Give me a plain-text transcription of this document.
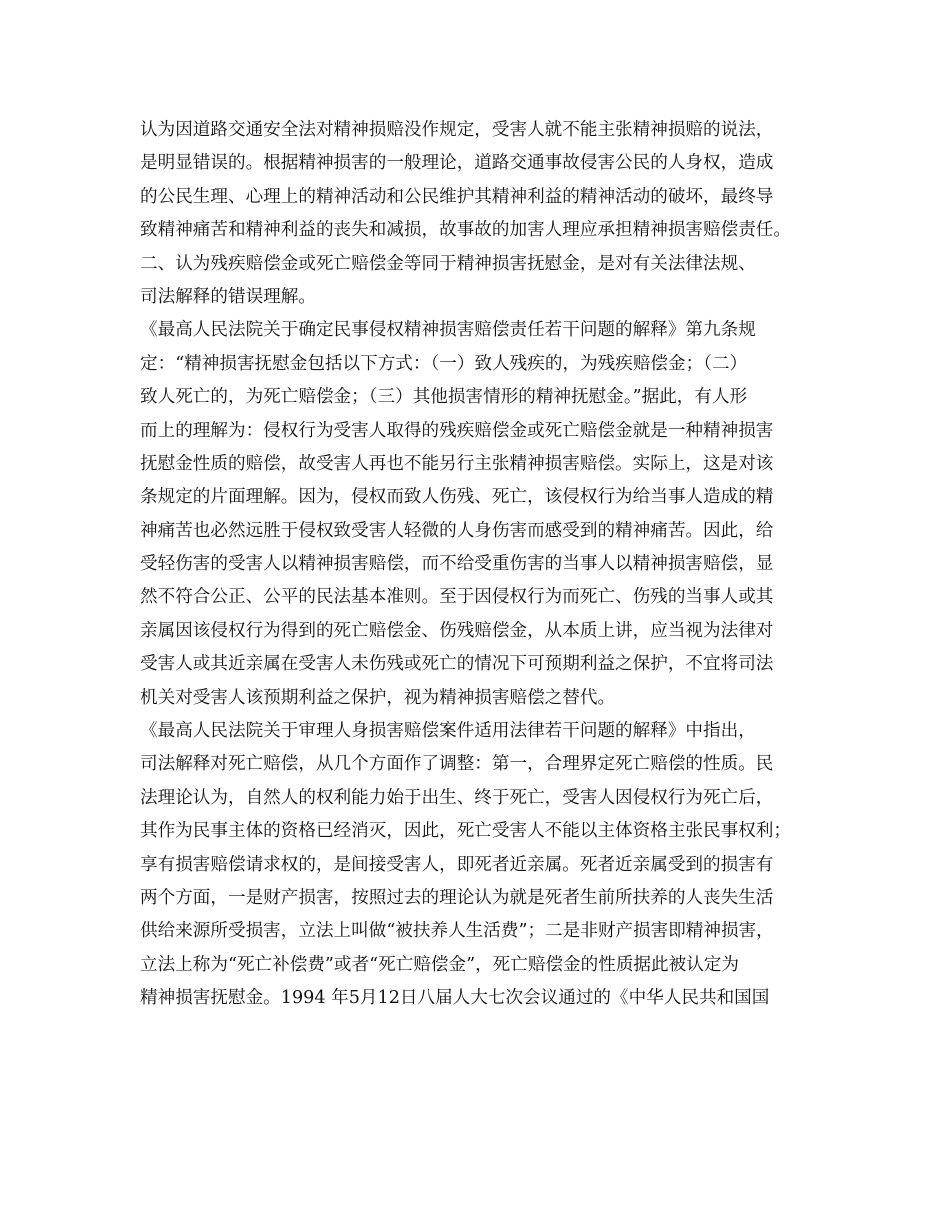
认为因道路交通安全法对精神损赔没作规定，受害人就不能主张精神损赔的说法，
是明显错误的。根据精神损害的一般理论，道路交通事故侵害公民的人身权，造成
的公民生理、心理上的精神活动和公民维护其精神利益的精神活动的破坏，最终导
致精神痛苦和精神利益的丧失和减损，故事故的加害人理应承担精神损害赔偿责任。
二、认为残疾赔偿金或死亡赔偿金等同于精神损害抚慰金，是对有关法律法规、
司法解释的错误理解。
《最高人民法院关于确定民事侵权精神损害赔偿责任若干问题的解释》第九条规
定：“精神损害抚慰金包括以下方式：（一）致人残疾的，为残疾赔偿金；（二）
致人死亡的，为死亡赔偿金；（三）其他损害情形的精神抚慰金。”据此，有人形
而上的理解为：侵权行为受害人取得的残疾赔偿金或死亡赔偿金就是一种精神损害
抚慰金性质的赔偿，故受害人再也不能另行主张精神损害赔偿。实际上，这是对该
条规定的片面理解。因为，侵权而致人伤残、死亡，该侵权行为给当事人造成的精
神痛苦也必然远胜于侵权致受害人轻微的人身伤害而感受到的精神痛苦。因此，给
受轻伤害的受害人以精神损害赔偿，而不给受重伤害的当事人以精神损害赔偿，显
然不符合公正、公平的民法基本准则。至于因侵权行为而死亡、伤残的当事人或其
亲属因该侵权行为得到的死亡赔偿金、伤残赔偿金，从本质上讲，应当视为法律对
受害人或其近亲属在受害人未伤残或死亡的情况下可预期利益之保护，不宜将司法
机关对受害人该预期利益之保护，视为精神损害赔偿之替代。
《最高人民法院关于审理人身损害赔偿案件适用法律若干问题的解释》中指出，
司法解释对死亡赔偿，从几个方面作了调整：第一，合理界定死亡赔偿的性质。民
法理论认为，自然人的权利能力始于出生、终于死亡，受害人因侵权行为死亡后，
其作为民事主体的资格已经消灭，因此，死亡受害人不能以主体资格主张民事权利；
享有损害赔偿请求权的，是间接受害人，即死者近亲属。死者近亲属受到的损害有
两个方面，一是财产损害，按照过去的理论认为就是死者生前所扶养的人丧失生活
供给来源所受损害，立法上叫做“被扶养人生活费”；二是非财产损害即精神损害，
立法上称为“死亡补偿费”或者“死亡赔偿金”，死亡赔偿金的性质据此被认定为
精神损害抚慰金。1994 年5月12日八届人大七次会议通过的《中华人民共和国国
